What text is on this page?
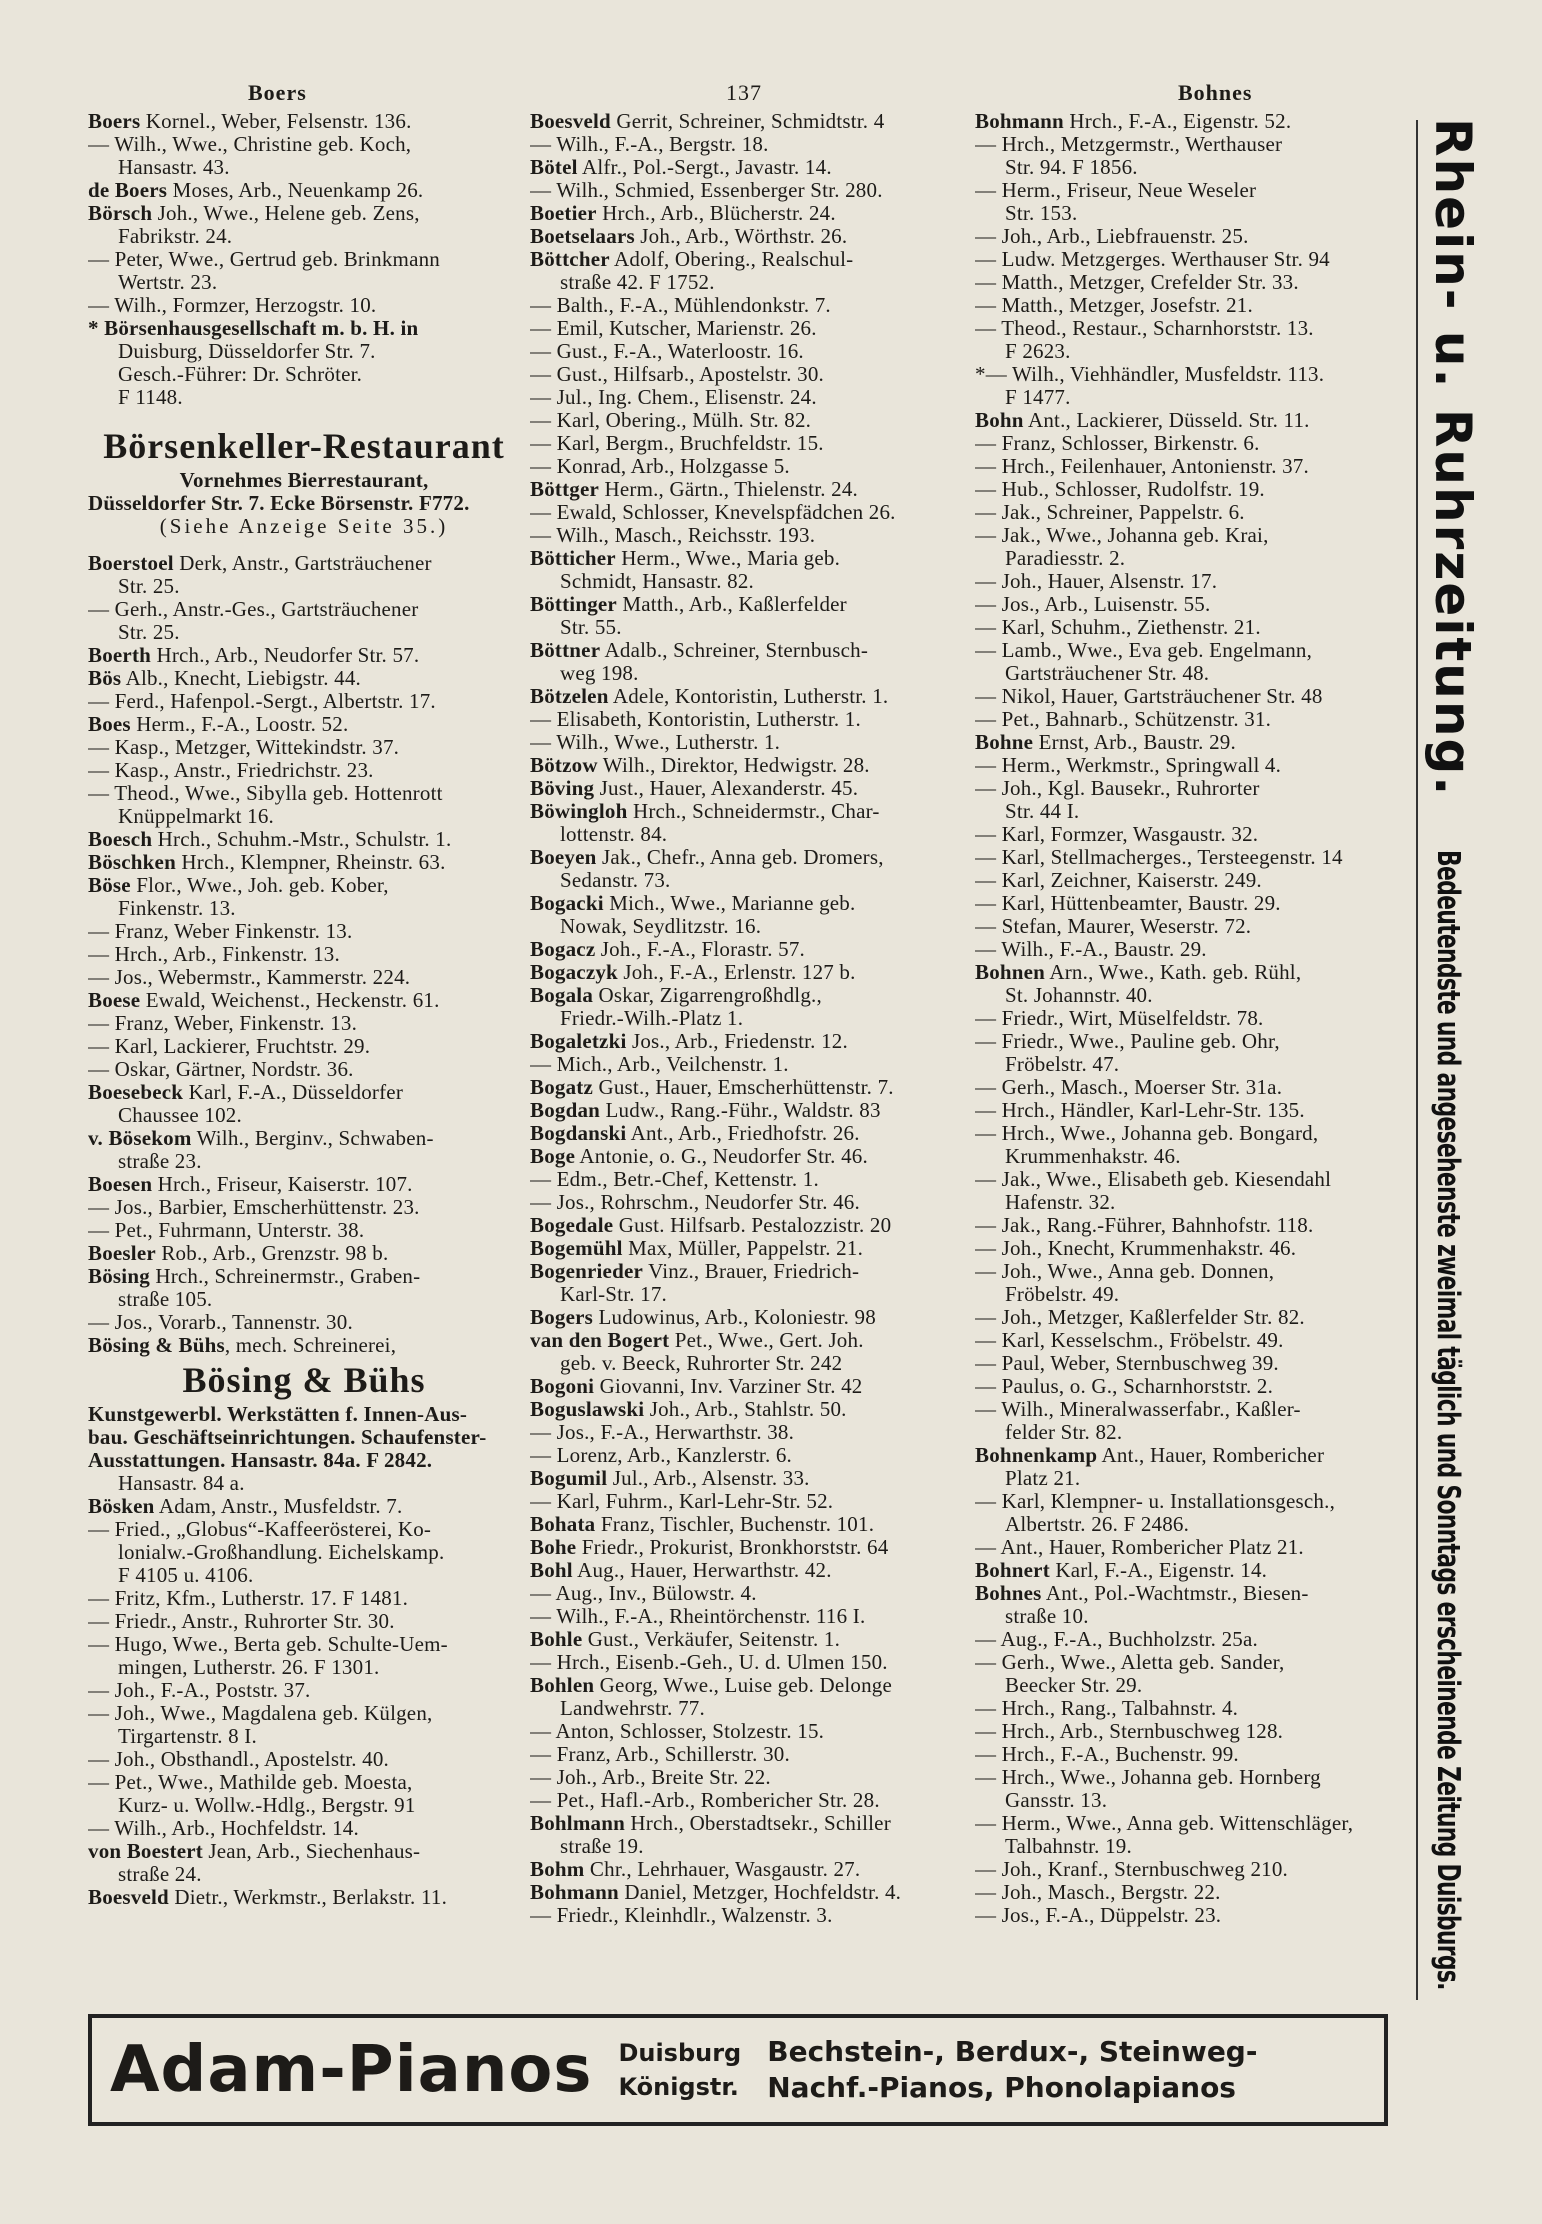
Boers	137	Bohnes
Boers Kornel., Weber, Felsenstr. 136.
— Wilh., Wwe., Christine geb. Koch,
Hansastr. 43.
de Boers Moses, Arb., Neuenkamp 26.
Börsch Joh., Wwe., Helene geb. Zens,
Fabrikstr. 24.
— Peter, Wwe., Gertrud geb. Brinkmann
Wertstr. 23.
— Wilh., Formzer, Herzogstr. 10.
* Börsenhausgesellschaft m. b. H. in
Duisburg, Düsseldorfer Str. 7.
Gesch.-Führer: Dr. Schröter.
F 1148.
Börsenkeller-Restaurant
Vornehmes Bierrestaurant,
Düsseldorfer Str. 7. Ecke Börsenstr. F772.
(Siehe Anzeige Seite 35.)
Boerstoel Derk, Anstr., Gartsträuchener
Str. 25.
— Gerh., Anstr.-Ges., Gartsträuchener
Str. 25.
Boerth Hrch., Arb., Neudorfer Str. 57.
Bös Alb., Knecht, Liebigstr. 44.
— Ferd., Hafenpol.-Sergt., Albertstr. 17.
Boes Herm., F.-A., Loostr. 52.
— Kasp., Metzger, Wittekindstr. 37.
— Kasp., Anstr., Friedrichstr. 23.
— Theod., Wwe., Sibylla geb. Hottenrott
Knüppelmarkt 16.
Boesch Hrch., Schuhm.-Mstr., Schulstr. 1.
Böschken Hrch., Klempner, Rheinstr. 63.
Böse Flor., Wwe., Joh. geb. Kober,
Finkenstr. 13.
— Franz, Weber Finkenstr. 13.
— Hrch., Arb., Finkenstr. 13.
— Jos., Webermstr., Kammerstr. 224.
Boese Ewald, Weichenst., Heckenstr. 61.
— Franz, Weber, Finkenstr. 13.
— Karl, Lackierer, Fruchtstr. 29.
— Oskar, Gärtner, Nordstr. 36.
Boesebeck Karl, F.-A., Düsseldorfer
Chaussee 102.
v. Bösekom Wilh., Berginv., Schwaben-
straße 23.
Boesen Hrch., Friseur, Kaiserstr. 107.
— Jos., Barbier, Emscherhüttenstr. 23.
— Pet., Fuhrmann, Unterstr. 38.
Boesler Rob., Arb., Grenzstr. 98 b.
Bösing Hrch., Schreinermstr., Graben-
straße 105.
— Jos., Vorarb., Tannenstr. 30.
Bösing & Bühs, mech. Schreinerei,
Bösing & Bühs
Kunstgewerbl. Werkstätten f. Innen-Aus-
bau. Geschäftseinrichtungen. Schaufenster-
Ausstattungen. Hansastr. 84a. F 2842.
Hansastr. 84 a.
Bösken Adam, Anstr., Musfeldstr. 7.
— Fried., „Globus“-Kaffeerösterei, Ko-
lonialw.-Großhandlung. Eichelskamp.
F 4105 u. 4106.
— Fritz, Kfm., Lutherstr. 17. F 1481.
— Friedr., Anstr., Ruhrorter Str. 30.
— Hugo, Wwe., Berta geb. Schulte-Uem-
mingen, Lutherstr. 26. F 1301.
— Joh., F.-A., Poststr. 37.
— Joh., Wwe., Magdalena geb. Külgen,
Tirgartenstr. 8 I.
— Joh., Obsthandl., Apostelstr. 40.
— Pet., Wwe., Mathilde geb. Moesta,
Kurz- u. Wollw.-Hdlg., Bergstr. 91
— Wilh., Arb., Hochfeldstr. 14.
von Boestert Jean, Arb., Siechenhaus-
straße 24.
Boesveld Dietr., Werkmstr., Berlakstr. 11.
Boesveld Gerrit, Schreiner, Schmidtstr. 4
— Wilh., F.-A., Bergstr. 18.
Bötel Alfr., Pol.-Sergt., Javastr. 14.
— Wilh., Schmied, Essenberger Str. 280.
Boetier Hrch., Arb., Blücherstr. 24.
Boetselaars Joh., Arb., Wörthstr. 26.
Böttcher Adolf, Obering., Realschul-
straße 42. F 1752.
— Balth., F.-A., Mühlendonkstr. 7.
— Emil, Kutscher, Marienstr. 26.
— Gust., F.-A., Waterloostr. 16.
— Gust., Hilfsarb., Apostelstr. 30.
— Jul., Ing. Chem., Elisenstr. 24.
— Karl, Obering., Mülh. Str. 82.
— Karl, Bergm., Bruchfeldstr. 15.
— Konrad, Arb., Holzgasse 5.
Böttger Herm., Gärtn., Thielenstr. 24.
— Ewald, Schlosser, Knevelspfädchen 26.
— Wilh., Masch., Reichsstr. 193.
Bötticher Herm., Wwe., Maria geb.
Schmidt, Hansastr. 82.
Böttinger Matth., Arb., Kaßlerfelder
Str. 55.
Böttner Adalb., Schreiner, Sternbusch-
weg 198.
Bötzelen Adele, Kontoristin, Lutherstr. 1.
— Elisabeth, Kontoristin, Lutherstr. 1.
— Wilh., Wwe., Lutherstr. 1.
Bötzow Wilh., Direktor, Hedwigstr. 28.
Böving Just., Hauer, Alexanderstr. 45.
Böwingloh Hrch., Schneidermstr., Char-
lottenstr. 84.
Boeyen Jak., Chefr., Anna geb. Dromers,
Sedanstr. 73.
Bogacki Mich., Wwe., Marianne geb.
Nowak, Seydlitzstr. 16.
Bogacz Joh., F.-A., Florastr. 57.
Bogaczyk Joh., F.-A., Erlenstr. 127 b.
Bogala Oskar, Zigarrengroßhdlg.,
Friedr.-Wilh.-Platz 1.
Bogaletzki Jos., Arb., Friedenstr. 12.
— Mich., Arb., Veilchenstr. 1.
Bogatz Gust., Hauer, Emscherhüttenstr. 7.
Bogdan Ludw., Rang.-Führ., Waldstr. 83
Bogdanski Ant., Arb., Friedhofstr. 26.
Boge Antonie, o. G., Neudorfer Str. 46.
— Edm., Betr.-Chef, Kettenstr. 1.
— Jos., Rohrschm., Neudorfer Str. 46.
Bogedale Gust. Hilfsarb. Pestalozzistr. 20
Bogemühl Max, Müller, Pappelstr. 21.
Bogenrieder Vinz., Brauer, Friedrich-
Karl-Str. 17.
Bogers Ludowinus, Arb., Koloniestr. 98
van den Bogert Pet., Wwe., Gert. Joh.
geb. v. Beeck, Ruhrorter Str. 242
Bogoni Giovanni, Inv. Varziner Str. 42
Boguslawski Joh., Arb., Stahlstr. 50.
— Jos., F.-A., Herwarthstr. 38.
— Lorenz, Arb., Kanzlerstr. 6.
Bogumil Jul., Arb., Alsenstr. 33.
— Karl, Fuhrm., Karl-Lehr-Str. 52.
Bohata Franz, Tischler, Buchenstr. 101.
Bohe Friedr., Prokurist, Bronkhorststr. 64
Bohl Aug., Hauer, Herwarthstr. 42.
— Aug., Inv., Bülowstr. 4.
— Wilh., F.-A., Rheintörchenstr. 116 I.
Bohle Gust., Verkäufer, Seitenstr. 1.
— Hrch., Eisenb.-Geh., U. d. Ulmen 150.
Bohlen Georg, Wwe., Luise geb. Delonge
Landwehrstr. 77.
— Anton, Schlosser, Stolzestr. 15.
— Franz, Arb., Schillerstr. 30.
— Joh., Arb., Breite Str. 22.
— Pet., Hafl.-Arb., Rombericher Str. 28.
Bohlmann Hrch., Oberstadtsekr., Schiller
straße 19.
Bohm Chr., Lehrhauer, Wasgaustr. 27.
Bohmann Daniel, Metzger, Hochfeldstr. 4.
— Friedr., Kleinhdlr., Walzenstr. 3.
Bohmann Hrch., F.-A., Eigenstr. 52.
— Hrch., Metzgermstr., Werthauser
Str. 94. F 1856.
— Herm., Friseur, Neue Weseler
Str. 153.
— Joh., Arb., Liebfrauenstr. 25.
— Ludw. Metzgerges. Werthauser Str. 94
— Matth., Metzger, Crefelder Str. 33.
— Matth., Metzger, Josefstr. 21.
— Theod., Restaur., Scharnhorststr. 13.
F 2623.
*— Wilh., Viehhändler, Musfeldstr. 113.
F 1477.
Bohn Ant., Lackierer, Düsseld. Str. 11.
— Franz, Schlosser, Birkenstr. 6.
— Hrch., Feilenhauer, Antonienstr. 37.
— Hub., Schlosser, Rudolfstr. 19.
— Jak., Schreiner, Pappelstr. 6.
— Jak., Wwe., Johanna geb. Krai,
Paradiesstr. 2.
— Joh., Hauer, Alsenstr. 17.
— Jos., Arb., Luisenstr. 55.
— Karl, Schuhm., Ziethenstr. 21.
— Lamb., Wwe., Eva geb. Engelmann,
Gartsträuchener Str. 48.
— Nikol, Hauer, Gartsträuchener Str. 48
— Pet., Bahnarb., Schützenstr. 31.
Bohne Ernst, Arb., Baustr. 29.
— Herm., Werkmstr., Springwall 4.
— Joh., Kgl. Bausekr., Ruhrorter
Str. 44 I.
— Karl, Formzer, Wasgaustr. 32.
— Karl, Stellmacherges., Tersteegenstr. 14
— Karl, Zeichner, Kaiserstr. 249.
— Karl, Hüttenbeamter, Baustr. 29.
— Stefan, Maurer, Weserstr. 72.
— Wilh., F.-A., Baustr. 29.
Bohnen Arn., Wwe., Kath. geb. Rühl,
St. Johannstr. 40.
— Friedr., Wirt, Müselfeldstr. 78.
— Friedr., Wwe., Pauline geb. Ohr,
Fröbelstr. 47.
— Gerh., Masch., Moerser Str. 31a.
— Hrch., Händler, Karl-Lehr-Str. 135.
— Hrch., Wwe., Johanna geb. Bongard,
Krummenhakstr. 46.
— Jak., Wwe., Elisabeth geb. Kiesendahl
Hafenstr. 32.
— Jak., Rang.-Führer, Bahnhofstr. 118.
— Joh., Knecht, Krummenhakstr. 46.
— Joh., Wwe., Anna geb. Donnen,
Fröbelstr. 49.
— Joh., Metzger, Kaßlerfelder Str. 82.
— Karl, Kesselschm., Fröbelstr. 49.
— Paul, Weber, Sternbuschweg 39.
— Paulus, o. G., Scharnhorststr. 2.
— Wilh., Mineralwasserfabr., Kaßler-
felder Str. 82.
Bohnenkamp Ant., Hauer, Rombericher
Platz 21.
— Karl, Klempner- u. Installationsgesch.,
Albertstr. 26. F 2486.
— Ant., Hauer, Rombericher Platz 21.
Bohnert Karl, F.-A., Eigenstr. 14.
Bohnes Ant., Pol.-Wachtmstr., Biesen-
straße 10.
— Aug., F.-A., Buchholzstr. 25a.
— Gerh., Wwe., Aletta geb. Sander,
Beecker Str. 29.
— Hrch., Rang., Talbahnstr. 4.
— Hrch., Arb., Sternbuschweg 128.
— Hrch., F.-A., Buchenstr. 99.
— Hrch., Wwe., Johanna geb. Hornberg
Gansstr. 13.
— Herm., Wwe., Anna geb. Wittenschläger,
Talbahnstr. 19.
— Joh., Kranf., Sternbuschweg 210.
— Joh., Masch., Bergstr. 22.
— Jos., F.-A., Düppelstr. 23.
Rhein- u. Ruhrzeitung.
Bedeutendste und angesehenste zweimal täglich und Sonntags erscheinende Zeitung Duisburgs.
Adam-Pianos Duisburg
Königstr.
Bechstein-, Berdux-, Steinweg-
Nachf.-Pianos, Phonolapianos
